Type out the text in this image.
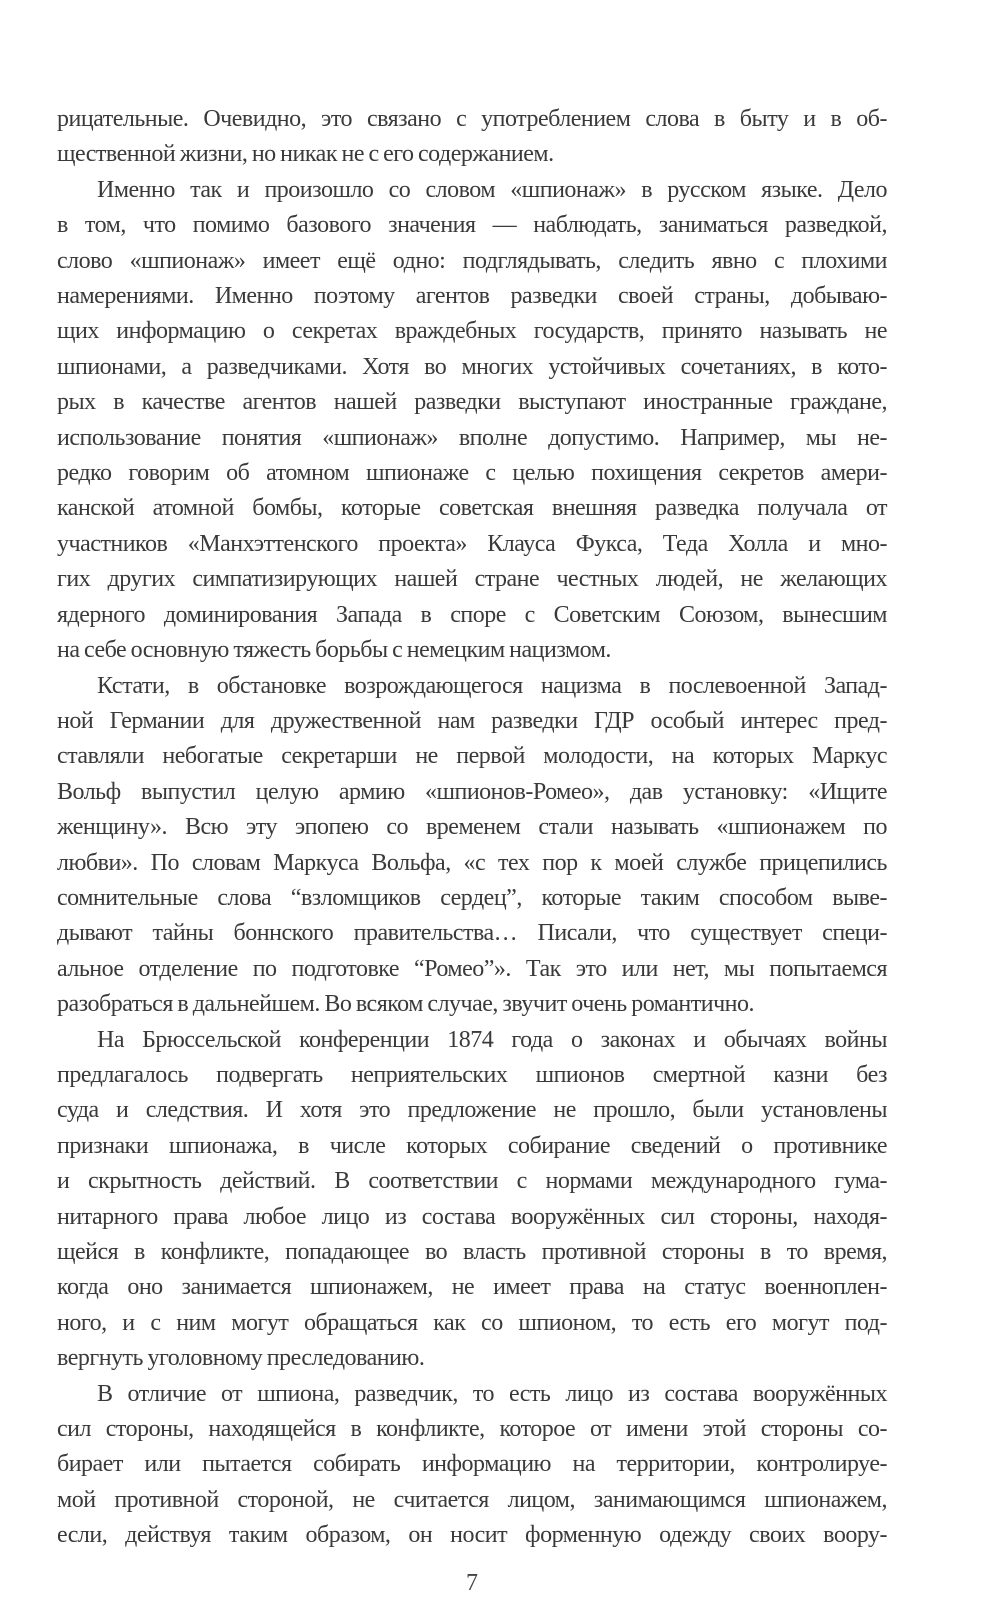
рицательные. Очевидно, это связано с употреблением слова в быту и в об-
щественной жизни, но никак не с его содержанием.
Именно так и произошло со словом «шпионаж» в русском языке. Дело
в том, что помимо базового значения — наблюдать, заниматься разведкой,
слово «шпионаж» имеет ещё одно: подглядывать, следить явно с плохими
намерениями. Именно поэтому агентов разведки своей страны, добываю-
щих информацию о секретах враждебных государств, принято называть не
шпионами, а разведчиками. Хотя во многих устойчивых сочетаниях, в кото-
рых в качестве агентов нашей разведки выступают иностранные граждане,
использование понятия «шпионаж» вполне допустимо. Например, мы не-
редко говорим об атомном шпионаже с целью похищения секретов амери-
канской атомной бомбы, которые советская внешняя разведка получала от
участников «Манхэттенского проекта» Клауса Фукса, Теда Холла и мно-
гих других симпатизирующих нашей стране честных людей, не желающих
ядерного доминирования Запада в споре с Советским Союзом, вынесшим
на себе основную тяжесть борьбы с немецким нацизмом.
Кстати, в обстановке возрождающегося нацизма в послевоенной Запад-
ной Германии для дружественной нам разведки ГДР особый интерес пред-
ставляли небогатые секретарши не первой молодости, на которых Маркус
Вольф выпустил целую армию «шпионов-Ромео», дав установку: «Ищите
женщину». Всю эту эпопею со временем стали называть «шпионажем по
любви». По словам Маркуса Вольфа, «с тех пор к моей службе прицепились
сомнительные слова “взломщиков сердец”, которые таким способом выве-
дывают тайны боннского правительства… Писали, что существует специ-
альное отделение по подготовке “Ромео”». Так это или нет, мы попытаемся
разобраться в дальнейшем. Во всяком случае, звучит очень романтично.
На Брюссельской конференции 1874 года о законах и обычаях войны
предлагалось подвергать неприятельских шпионов смертной казни без
суда и следствия. И хотя это предложение не прошло, были установлены
признаки шпионажа, в числе которых собирание сведений о противнике
и скрытность действий. В соответствии с нормами международного гума-
нитарного права любое лицо из состава вооружённых сил стороны, находя-
щейся в конфликте, попадающее во власть противной стороны в то время,
когда оно занимается шпионажем, не имеет права на статус военноплен-
ного, и с ним могут обращаться как со шпионом, то есть его могут под-
вергнуть уголовному преследованию.
В отличие от шпиона, разведчик, то есть лицо из состава вооружённых
сил стороны, находящейся в конфликте, которое от имени этой стороны со-
бирает или пытается собирать информацию на территории, контролируе-
мой противной стороной, не считается лицом, занимающимся шпионажем,
если, действуя таким образом, он носит форменную одежду своих воору-
7
